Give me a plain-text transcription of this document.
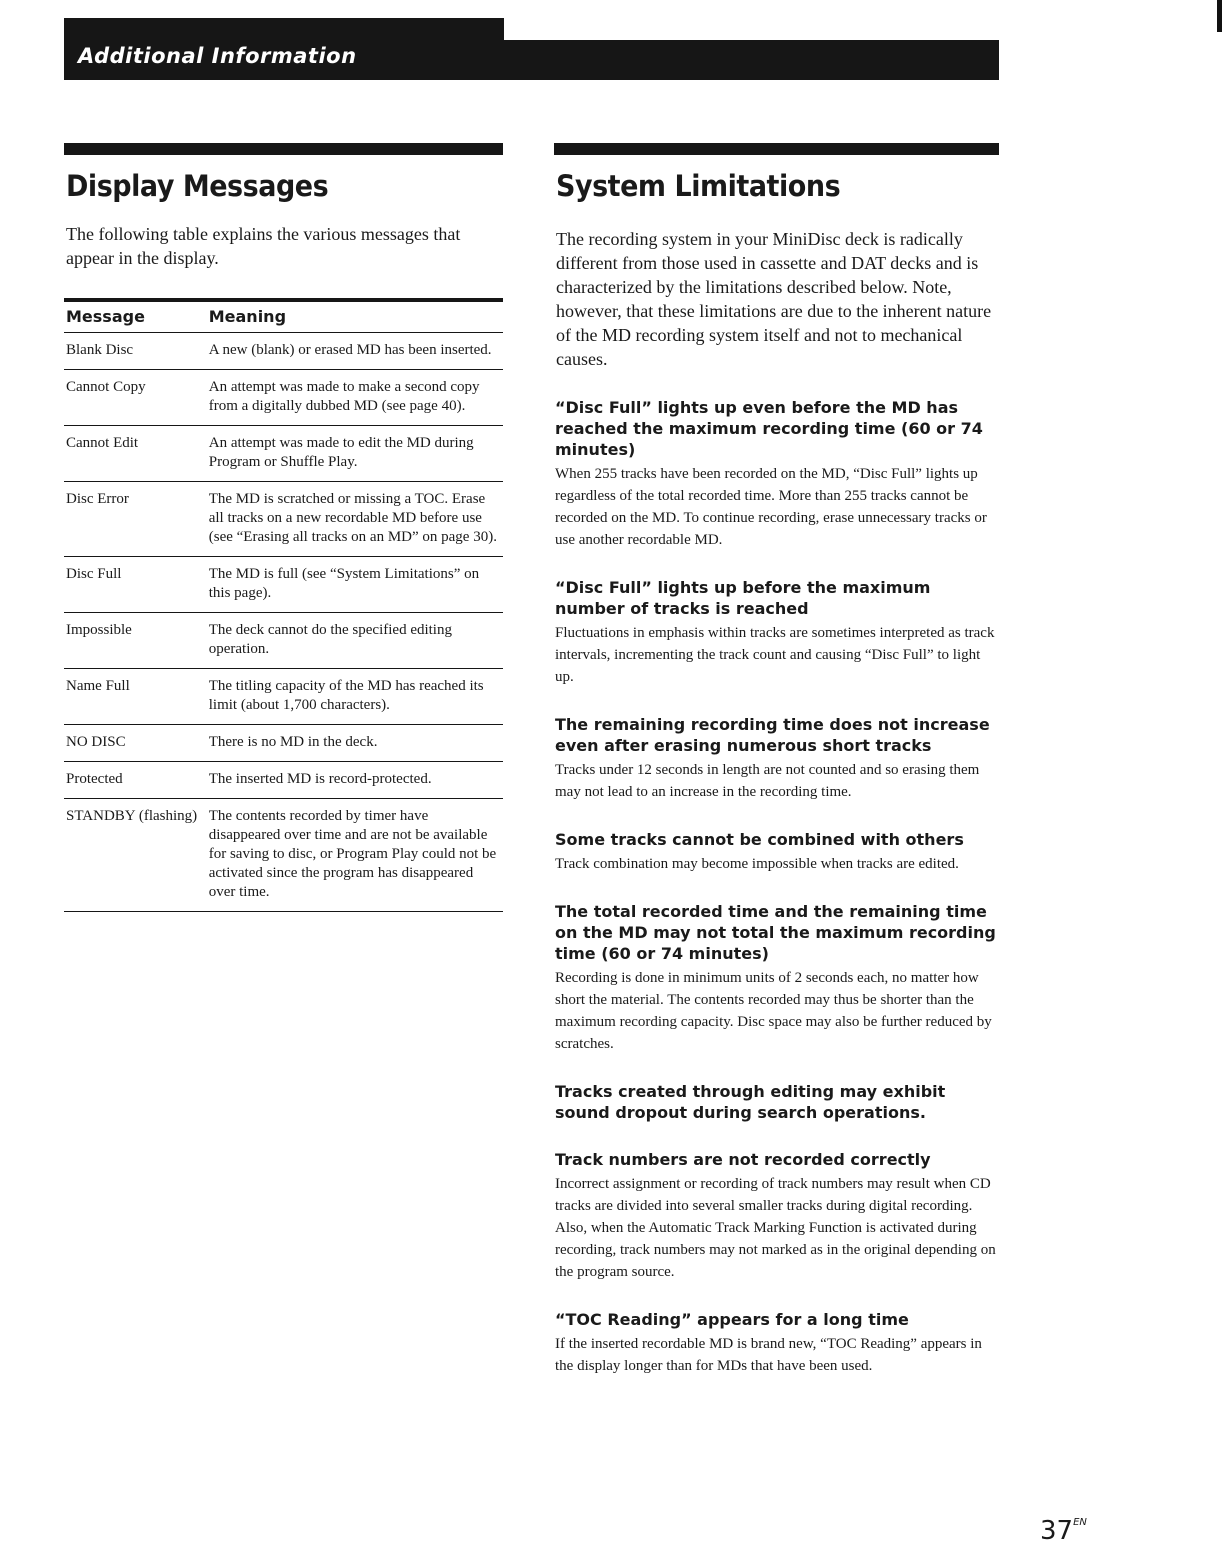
Additional Information
Display Messages

The following table explains the various messages that appear in the display.

Message	Meaning
Blank Disc	A new (blank) or erased MD has been inserted.
Cannot Copy	An attempt was made to make a second copy from a digitally dubbed MD (see page 40).
Cannot Edit	An attempt was made to edit the MD during Program or Shuffle Play.
Disc Error	The MD is scratched or missing a TOC. Erase all tracks on a new recordable MD before use (see “Erasing all tracks on an MD” on page 30).
Disc Full	The MD is full (see “System Limitations” on this page).
Impossible	The deck cannot do the specified editing operation.
Name Full	The titling capacity of the MD has reached its limit (about 1,700 characters).
NO DISC	There is no MD in the deck.
Protected	The inserted MD is record-protected.
STANDBY (flashing)	The contents recorded by timer have disappeared over time and are not be available for saving to disc, or Program Play could not be activated since the program has disappeared over time.
System Limitations

The recording system in your MiniDisc deck is radically different from those used in cassette and DAT decks and is characterized by the limitations described below. Note, however, that these limitations are due to the inherent nature of the MD recording system itself and not to mechanical causes.

“Disc Full” lights up even before the MD has reached the maximum recording time (60 or 74 minutes)

When 255 tracks have been recorded on the MD, “Disc Full” lights up regardless of the total recorded time. More than 255 tracks cannot be recorded on the MD. To continue recording, erase unnecessary tracks or use another recordable MD.

“Disc Full” lights up before the maximum number of tracks is reached

Fluctuations in emphasis within tracks are sometimes interpreted as track intervals, incrementing the track count and causing “Disc Full” to light up.

The remaining recording time does not increase even after erasing numerous short tracks

Tracks under 12 seconds in length are not counted and so erasing them may not lead to an increase in the recording time.

Some tracks cannot be combined with others

Track combination may become impossible when tracks are edited.

The total recorded time and the remaining time on the MD may not total the maximum recording time (60 or 74 minutes)

Recording is done in minimum units of 2 seconds each, no matter how short the material. The contents recorded may thus be shorter than the maximum recording capacity. Disc space may also be further reduced by scratches.

Tracks created through editing may exhibit sound dropout during search operations.

Track numbers are not recorded correctly

Incorrect assignment or recording of track numbers may result when CD tracks are divided into several smaller tracks during digital recording. Also, when the Automatic Track Marking Function is activated during recording, track numbers may not marked as in the original depending on the program source.

“TOC Reading” appears for a long time

If the inserted recordable MD is brand new, “TOC Reading” appears in the display longer than for MDs that have been used.

$37^{EN}$
